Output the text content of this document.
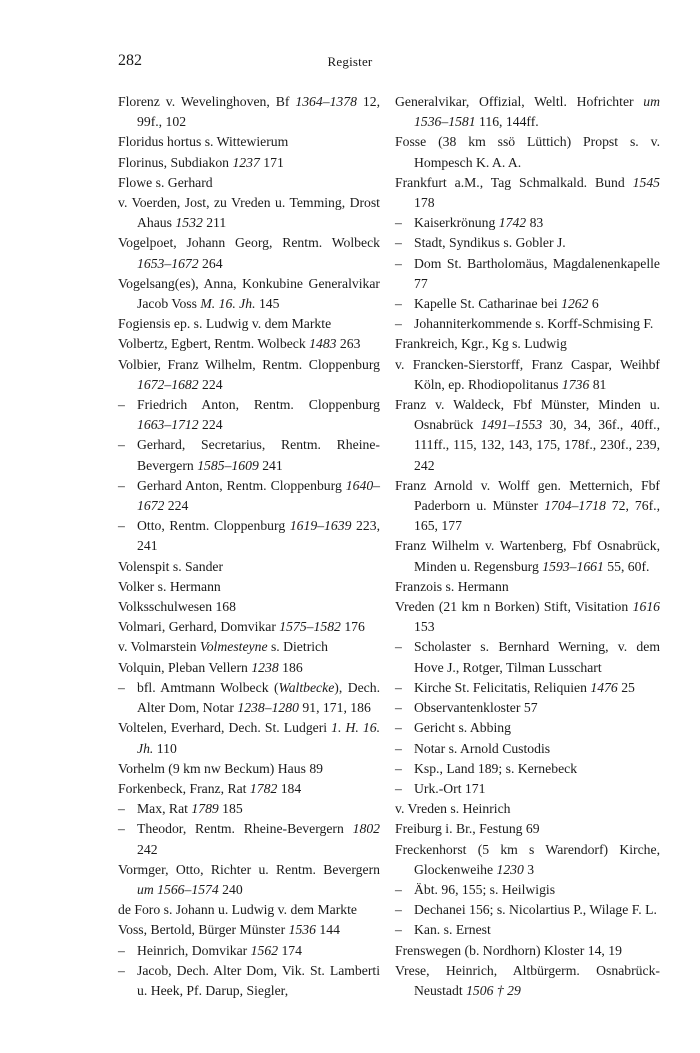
282	Register
Florenz v. Wevelinghoven, Bf 1364–1378 12, 99f., 102
Floridus hortus s. Wittewierum
Florinus, Subdiakon 1237 171
Flowe s. Gerhard
v. Voerden, Jost, zu Vreden u. Temming, Drost Ahaus 1532 211
Vogelpoet, Johann Georg, Rentm. Wolbeck 1653–1672 264
Vogelsang(es), Anna, Konkubine Generalvikar Jacob Voss M. 16. Jh. 145
Fogiensis ep. s. Ludwig v. dem Markte
Volbertz, Egbert, Rentm. Wolbeck 1483 263
Volbier, Franz Wilhelm, Rentm. Cloppenburg 1672–1682 224
– Friedrich Anton, Rentm. Cloppenburg 1663–1712 224
– Gerhard, Secretarius, Rentm. Rheine-Bevergern 1585–1609 241
– Gerhard Anton, Rentm. Cloppenburg 1640–1672 224
– Otto, Rentm. Cloppenburg 1619–1639 223, 241
Volenspit s. Sander
Volker s. Hermann
Volksschulwesen 168
Volmari, Gerhard, Domvikar 1575–1582 176
v. Volmarstein Volmesteyne s. Dietrich
Volquin, Pleban Vellern 1238 186
– bfl. Amtmann Wolbeck (Waltbecke), Dech. Alter Dom, Notar 1238–1280 91, 171, 186
Voltelen, Everhard, Dech. St. Ludgeri 1. H. 16. Jh. 110
Vorhelm (9 km nw Beckum) Haus 89
Forkenbeck, Franz, Rat 1782 184
– Max, Rat 1789 185
– Theodor, Rentm. Rheine-Bevergern 1802 242
Vormger, Otto, Richter u. Rentm. Bevergern um 1566–1574 240
de Foro s. Johann u. Ludwig v. dem Markte
Voss, Bertold, Bürger Münster 1536 144
– Heinrich, Domvikar 1562 174
– Jacob, Dech. Alter Dom, Vik. St. Lamberti u. Heek, Pf. Darup, Siegler,
Generalvikar, Offizial, Weltl. Hofrichter um 1536–1581 116, 144ff.
Fosse (38 km ssö Lüttich) Propst s. v. Hompesch K. A. A.
Frankfurt a.M., Tag Schmalkald. Bund 1545 178
– Kaiserkrönung 1742 83
– Stadt, Syndikus s. Gobler J.
– Dom St. Bartholomäus, Magdalenenkapelle 77
– Kapelle St. Catharinae bei 1262 6
– Johanniterkommende s. Korff-Schmising F.
Frankreich, Kgr., Kg s. Ludwig
v. Francken-Sierstorff, Franz Caspar, Weihbf Köln, ep. Rhodiopolitanus 1736 81
Franz v. Waldeck, Fbf Münster, Minden u. Osnabrück 1491–1553 30, 34, 36f., 40ff., 111ff., 115, 132, 143, 175, 178f., 230f., 239, 242
Franz Arnold v. Wolff gen. Metternich, Fbf Paderborn u. Münster 1704–1718 72, 76f., 165, 177
Franz Wilhelm v. Wartenberg, Fbf Osnabrück, Minden u. Regensburg 1593–1661 55, 60f.
Franzois s. Hermann
Vreden (21 km n Borken) Stift, Visitation 1616 153
– Scholaster s. Bernhard Werning, v. dem Hove J., Rotger, Tilman Lusschart
– Kirche St. Felicitatis, Reliquien 1476 25
– Observantenkloster 57
– Gericht s. Abbing
– Notar s. Arnold Custodis
– Ksp., Land 189; s. Kernebeck
– Urk.-Ort 171
v. Vreden s. Heinrich
Freiburg i. Br., Festung 69
Freckenhorst (5 km s Warendorf) Kirche, Glockenweihe 1230 3
– Äbt. 96, 155; s. Heilwigis
– Dechanei 156; s. Nicolartius P., Wilage F. L.
– Kan. s. Ernest
Frenswegen (b. Nordhorn) Kloster 14, 19
Vrese, Heinrich, Altbürgerm. Osnabrück-Neustadt 1506 † 29
